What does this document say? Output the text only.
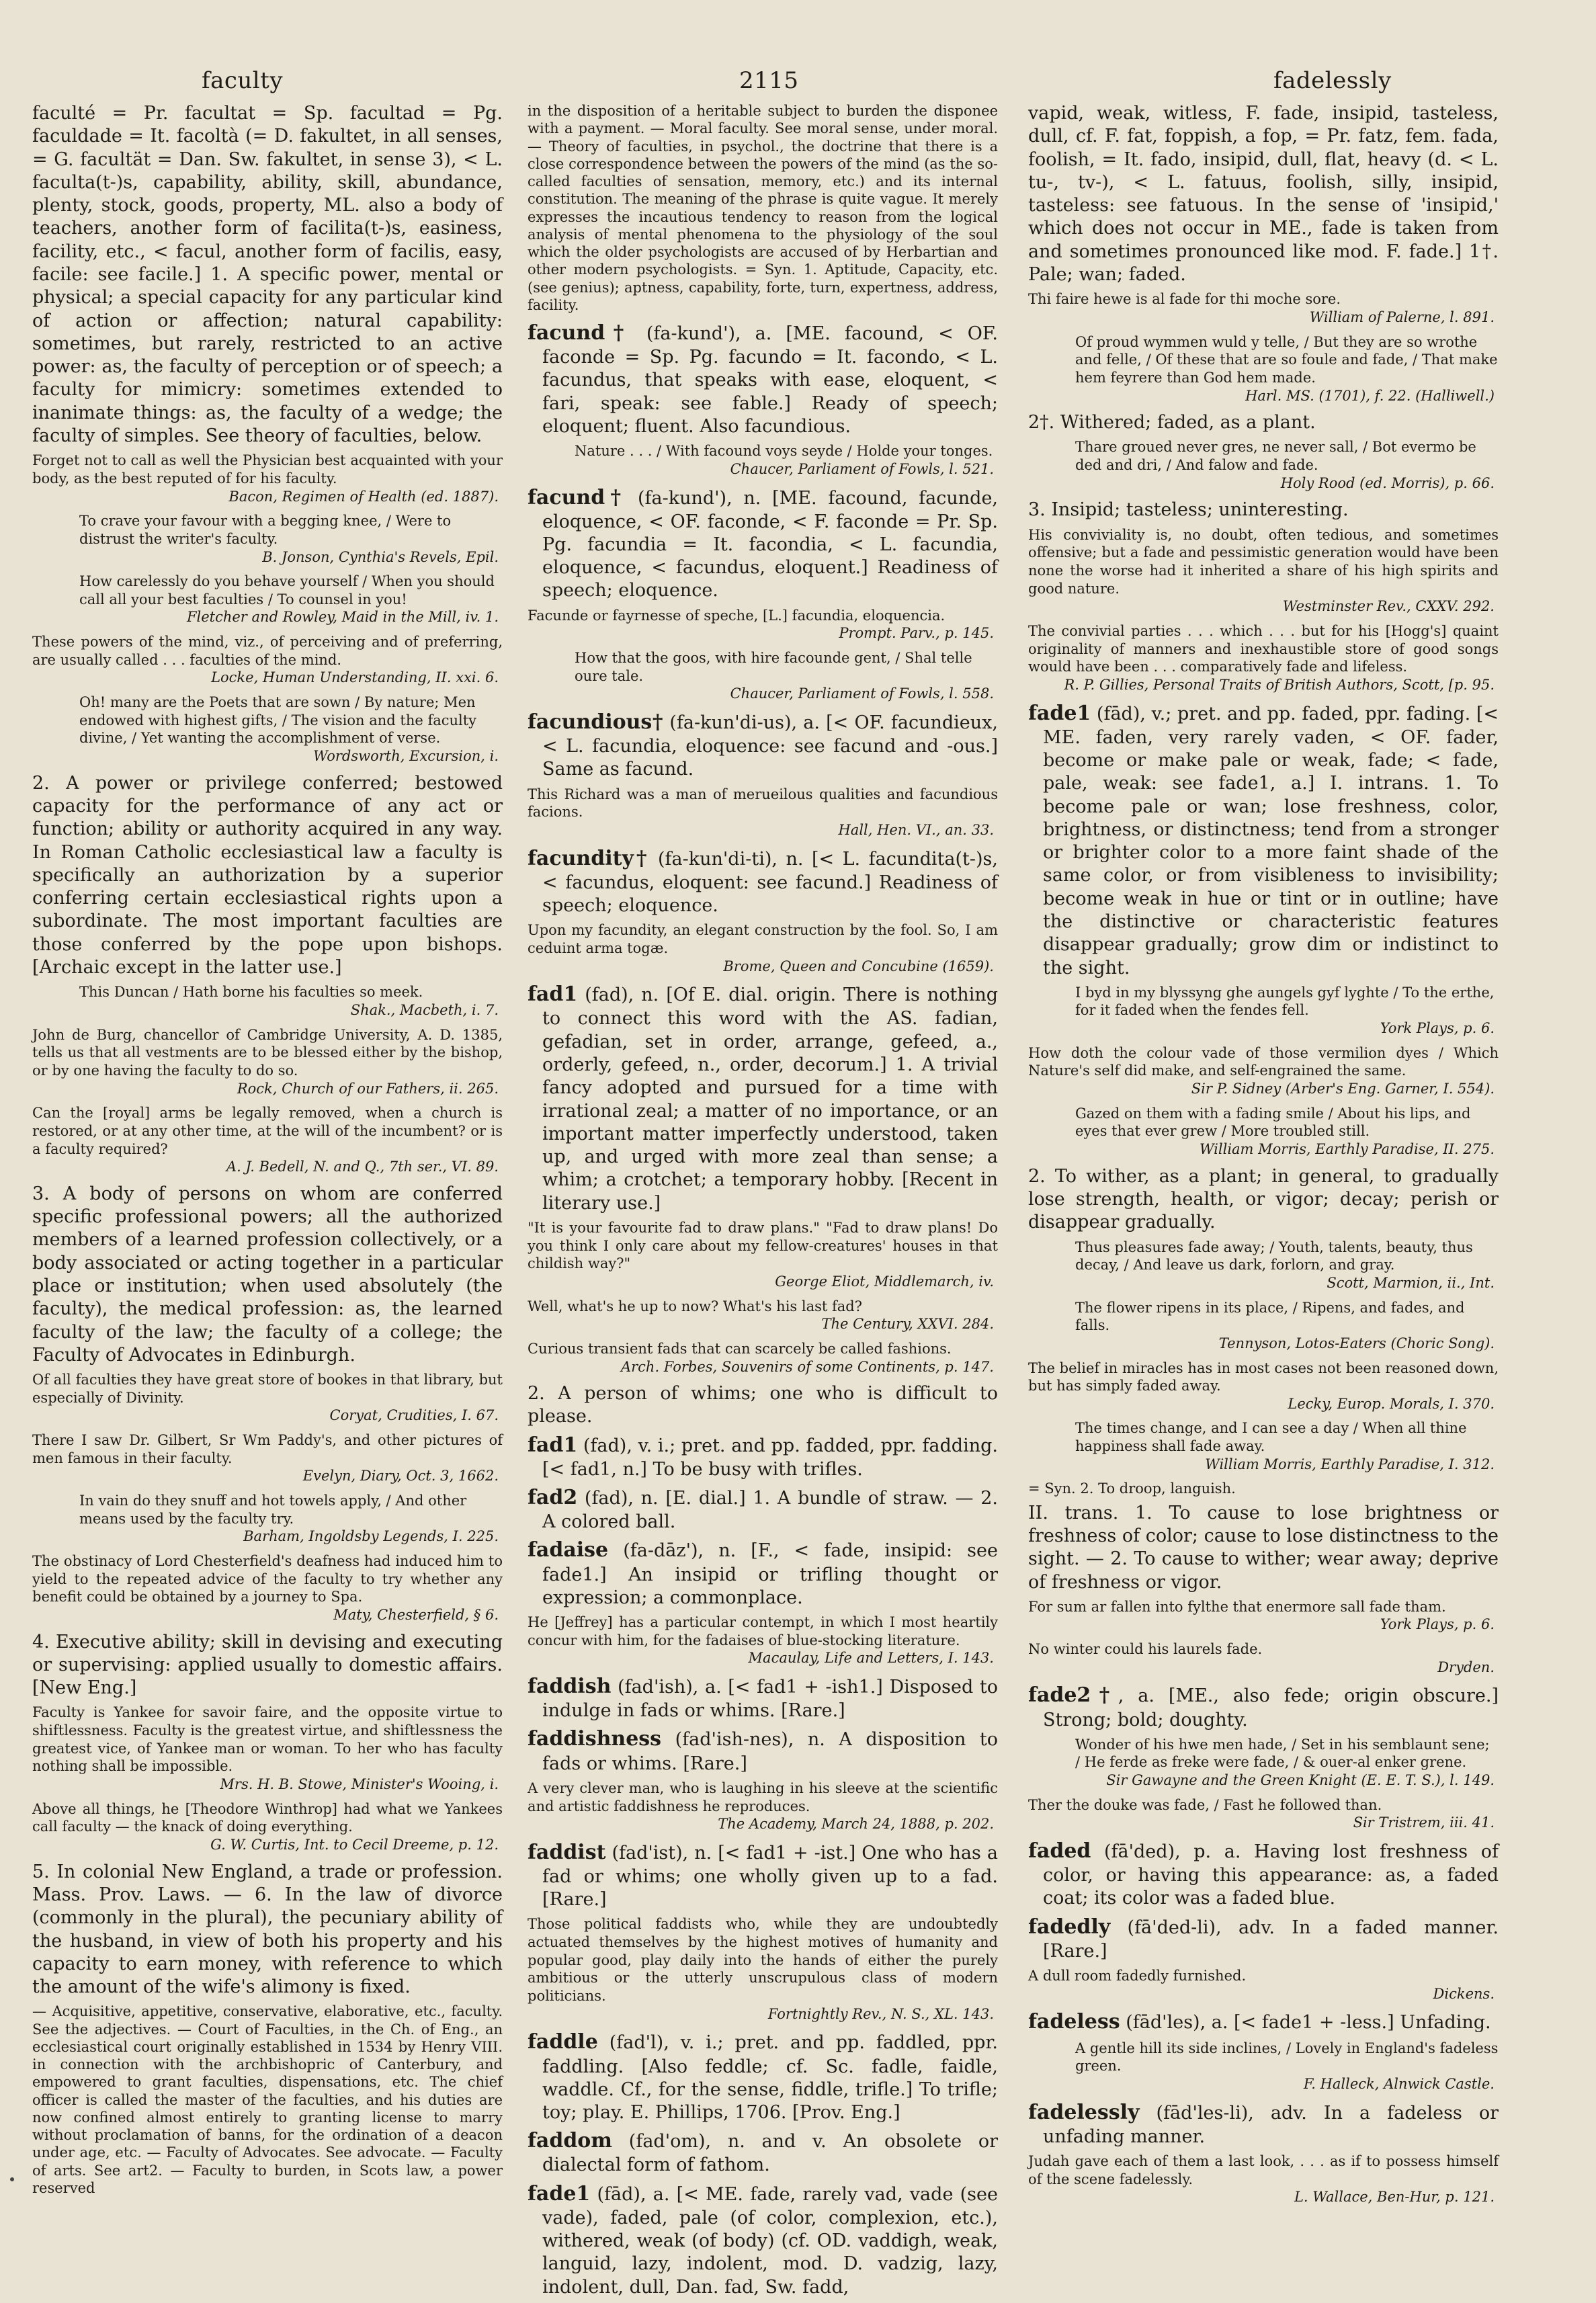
faculty	2115	fadelessly

faculté = Pr. facultat = Sp. facultad = Pg. faculdade = It. facoltà (= D. fakultet, in all senses, = G. facultät = Dan. Sw. fakultet, in sense 3), < L. faculta(t-)s, capability, ability, skill, abundance, plenty, stock, goods, property, ML. also a body of teachers, another form of facilita(t-)s, easiness, facility, etc., < facul, another form of facilis, easy, facile: see facile.] 1. A specific power, mental or physical; a special capacity for any particular kind of action or affection; natural capability: sometimes, but rarely, restricted to an active power: as, the faculty of perception or of speech; a faculty for mimicry: sometimes extended to inanimate things: as, the faculty of a wedge; the faculty of simples. See theory of faculties, below.

Forget not to call as well the Physician best acquainted with your body, as the best reputed of for his faculty.
Bacon, Regimen of Health (ed. 1887).
To crave your favour with a begging knee, / Were to distrust the writer's faculty.
B. Jonson, Cynthia's Revels, Epil.
How carelessly do you behave yourself / When you should call all your best faculties / To counsel in you!
Fletcher and Rowley, Maid in the Mill, iv. 1.
These powers of the mind, viz., of perceiving and of preferring, are usually called . . . faculties of the mind.
Locke, Human Understanding, II. xxi. 6.
Oh! many are the Poets that are sown / By nature; Men endowed with highest gifts, / The vision and the faculty divine, / Yet wanting the accomplishment of verse.
Wordsworth, Excursion, i.

2. A power or privilege conferred; bestowed capacity for the performance of any act or function; ability or authority acquired in any way. In Roman Catholic ecclesiastical law a faculty is specifically an authorization by a superior conferring certain ecclesiastical rights upon a subordinate. The most important faculties are those conferred by the pope upon bishops. [Archaic except in the latter use.]

This Duncan / Hath borne his faculties so meek.
Shak., Macbeth, i. 7.
John de Burg, chancellor of Cambridge University, A. D. 1385, tells us that all vestments are to be blessed either by the bishop, or by one having the faculty to do so.
Rock, Church of our Fathers, ii. 265.
Can the [royal] arms be legally removed, when a church is restored, or at any other time, at the will of the incumbent? or is a faculty required?
A. J. Bedell, N. and Q., 7th ser., VI. 89.

3. A body of persons on whom are conferred specific professional powers; all the authorized members of a learned profession collectively, or a body associated or acting together in a particular place or institution; when used absolutely (the faculty), the medical profession: as, the learned faculty of the law; the faculty of a college; the Faculty of Advocates in Edinburgh.

Of all faculties they have great store of bookes in that library, but especially of Divinity.
Coryat, Crudities, I. 67.
There I saw Dr. Gilbert, Sr Wm Paddy's, and other pictures of men famous in their faculty.
Evelyn, Diary, Oct. 3, 1662.
In vain do they snuff and hot towels apply, / And other means used by the faculty try.
Barham, Ingoldsby Legends, I. 225.
The obstinacy of Lord Chesterfield's deafness had induced him to yield to the repeated advice of the faculty to try whether any benefit could be obtained by a journey to Spa.
Maty, Chesterfield, § 6.

4. Executive ability; skill in devising and executing or supervising: applied usually to domestic affairs. [New Eng.]

Faculty is Yankee for savoir faire, and the opposite virtue to shiftlessness. Faculty is the greatest virtue, and shiftlessness the greatest vice, of Yankee man or woman. To her who has faculty nothing shall be impossible.
Mrs. H. B. Stowe, Minister's Wooing, i.
Above all things, he [Theodore Winthrop] had what we Yankees call faculty — the knack of doing everything.
G. W. Curtis, Int. to Cecil Dreeme, p. 12.

5. In colonial New England, a trade or profession. Mass. Prov. Laws. — 6. In the law of divorce (commonly in the plural), the pecuniary ability of the husband, in view of both his property and his capacity to earn money, with reference to which the amount of the wife's alimony is fixed.

— Acquisitive, appetitive, conservative, elaborative, etc., faculty. See the adjectives. — Court of Faculties, in the Ch. of Eng., an ecclesiastical court originally established in 1534 by Henry VIII. in connection with the archbishopric of Canterbury, and empowered to grant faculties, dispensations, etc. The chief officer is called the master of the faculties, and his duties are now confined almost entirely to granting license to marry without proclamation of banns, for the ordination of a deacon under age, etc. — Faculty of Advocates. See advocate. — Faculty of arts. See art2. — Faculty to burden, in Scots law, a power reserved

in the disposition of a heritable subject to burden the disponee with a payment. — Moral faculty. See moral sense, under moral. — Theory of faculties, in psychol., the doctrine that there is a close correspondence between the powers of the mind (as the so-called faculties of sensation, memory, etc.) and its internal constitution. The meaning of the phrase is quite vague. It merely expresses the incautious tendency to reason from the logical analysis of mental phenomena to the physiology of the soul which the older psychologists are accused of by Herbartian and other modern psychologists. = Syn. 1. Aptitude, Capacity, etc. (see genius); aptness, capability, forte, turn, expertness, address, facility.

facund† (fa-kund'), a. [ME. facound, < OF. faconde = Sp. Pg. facundo = It. facondo, < L. facundus, that speaks with ease, eloquent, < fari, speak: see fable.] Ready of speech; eloquent; fluent. Also facundious.

Nature . . . / With facound voys seyde / Holde your tonges.
Chaucer, Parliament of Fowls, l. 521.

facund† (fa-kund'), n. [ME. facound, facunde, eloquence, < OF. faconde, < F. faconde = Pr. Sp. Pg. facundia = It. facondia, < L. facundia, eloquence, < facundus, eloquent.] Readiness of speech; eloquence.

Facunde or fayrnesse of speche, [L.] facundia, eloquencia.
Prompt. Parv., p. 145.
How that the goos, with hire facounde gent, / Shal telle oure tale.
Chaucer, Parliament of Fowls, l. 558.

facundious† (fa-kun'di-us), a. [< OF. facundieux, < L. facundia, eloquence: see facund and -ous.] Same as facund.

This Richard was a man of merueilous qualities and facundious facions.
Hall, Hen. VI., an. 33.

facundity† (fa-kun'di-ti), n. [< L. facundita(t-)s, < facundus, eloquent: see facund.] Readiness of speech; eloquence.

Upon my facundity, an elegant construction by the fool. So, I am ceduint arma togæ.
Brome, Queen and Concubine (1659).

fad1 (fad), n. [Of E. dial. origin. There is nothing to connect this word with the AS. fadian, gefadian, set in order, arrange, gefeed, a., orderly, gefeed, n., order, decorum.] 1. A trivial fancy adopted and pursued for a time with irrational zeal; a matter of no importance, or an important matter imperfectly understood, taken up, and urged with more zeal than sense; a whim; a crotchet; a temporary hobby. [Recent in literary use.]

"It is your favourite fad to draw plans." "Fad to draw plans! Do you think I only care about my fellow-creatures' houses in that childish way?"
George Eliot, Middlemarch, iv.
Well, what's he up to now? What's his last fad?
The Century, XXVI. 284.
Curious transient fads that can scarcely be called fashions.
Arch. Forbes, Souvenirs of some Continents, p. 147.

2. A person of whims; one who is difficult to please.

fad1 (fad), v. i.; pret. and pp. fadded, ppr. fadding. [< fad1, n.] To be busy with trifles.

fad2 (fad), n. [E. dial.] 1. A bundle of straw. — 2. A colored ball.

fadaise (fa-dāz'), n. [F., < fade, insipid: see fade1.] An insipid or trifling thought or expression; a commonplace.

He [Jeffrey] has a particular contempt, in which I most heartily concur with him, for the fadaises of blue-stocking literature.
Macaulay, Life and Letters, I. 143.

faddish (fad'ish), a. [< fad1 + -ish1.] Disposed to indulge in fads or whims. [Rare.]

faddishness (fad'ish-nes), n. A disposition to fads or whims. [Rare.]

A very clever man, who is laughing in his sleeve at the scientific and artistic faddishness he reproduces.
The Academy, March 24, 1888, p. 202.

faddist (fad'ist), n. [< fad1 + -ist.] One who has a fad or whims; one wholly given up to a fad. [Rare.]

Those political faddists who, while they are undoubtedly actuated themselves by the highest motives of humanity and popular good, play daily into the hands of either the purely ambitious or the utterly unscrupulous class of modern politicians.
Fortnightly Rev., N. S., XL. 143.

faddle (fad'l), v. i.; pret. and pp. faddled, ppr. faddling. [Also feddle; cf. Sc. fadle, faidle, waddle. Cf., for the sense, fiddle, trifle.] To trifle; toy; play. E. Phillips, 1706. [Prov. Eng.]

faddom (fad'om), n. and v. An obsolete or dialectal form of fathom.

fade1 (fād), a. [< ME. fade, rarely vad, vade (see vade), faded, pale (of color, complexion, etc.), withered, weak (of body) (cf. OD. vaddigh, weak, languid, lazy, indolent, mod. D. vadzig, lazy, indolent, dull, Dan. fad, Sw. fadd,

vapid, weak, witless, F. fade, insipid, tasteless, dull, cf. F. fat, foppish, a fop, = Pr. fatz, fem. fada, foolish, = It. fado, insipid, dull, flat, heavy (d. < L. tu-, tv-), < L. fatuus, foolish, silly, insipid, tasteless: see fatuous. In the sense of 'insipid,' which does not occur in ME., fade is taken from and sometimes pronounced like mod. F. fade.] 1†. Pale; wan; faded.

Thi faire hewe is al fade for thi moche sore.
William of Palerne, l. 891.
Of proud wymmen wuld y telle, / But they are so wrothe and felle, / Of these that are so foule and fade, / That make hem feyrere than God hem made.
Harl. MS. (1701), f. 22. (Halliwell.)

2†. Withered; faded, as a plant.

Thare groued never gres, ne never sall, / Bot evermo be ded and dri, / And falow and fade.
Holy Rood (ed. Morris), p. 66.

3. Insipid; tasteless; uninteresting.

His conviviality is, no doubt, often tedious, and sometimes offensive; but a fade and pessimistic generation would have been none the worse had it inherited a share of his high spirits and good nature.
Westminster Rev., CXXV. 292.
The convivial parties . . . which . . . but for his [Hogg's] quaint originality of manners and inexhaustible store of good songs would have been . . . comparatively fade and lifeless.
R. P. Gillies, Personal Traits of British Authors, Scott, [p. 95.

fade1 (fād), v.; pret. and pp. faded, ppr. fading. [< ME. faden, very rarely vaden, < OF. fader, become or make pale or weak, fade; < fade, pale, weak: see fade1, a.] I. intrans. 1. To become pale or wan; lose freshness, color, brightness, or distinctness; tend from a stronger or brighter color to a more faint shade of the same color, or from visibleness to invisibility; become weak in hue or tint or in outline; have the distinctive or characteristic features disappear gradually; grow dim or indistinct to the sight.

I byd in my blyssyng ghe aungels gyf lyghte / To the erthe, for it faded when the fendes fell.
York Plays, p. 6.
How doth the colour vade of those vermilion dyes / Which Nature's self did make, and self-engrained the same.
Sir P. Sidney (Arber's Eng. Garner, I. 554).
Gazed on them with a fading smile / About his lips, and eyes that ever grew / More troubled still.
William Morris, Earthly Paradise, II. 275.

2. To wither, as a plant; in general, to gradually lose strength, health, or vigor; decay; perish or disappear gradually.

Thus pleasures fade away; / Youth, talents, beauty, thus decay, / And leave us dark, forlorn, and gray.
Scott, Marmion, ii., Int.
The flower ripens in its place, / Ripens, and fades, and falls.
Tennyson, Lotos-Eaters (Choric Song).
The belief in miracles has in most cases not been reasoned down, but has simply faded away.
Lecky, Europ. Morals, I. 370.
The times change, and I can see a day / When all thine happiness shall fade away.
William Morris, Earthly Paradise, I. 312.

= Syn. 2. To droop, languish.

II. trans. 1. To cause to lose brightness or freshness of color; cause to lose distinctness to the sight. — 2. To cause to wither; wear away; deprive of freshness or vigor.

For sum ar fallen into fylthe that enermore sall fade tham.
York Plays, p. 6.
No winter could his laurels fade.
Dryden.

fade2†, a. [ME., also fede; origin obscure.] Strong; bold; doughty.

Wonder of his hwe men hade, / Set in his semblaunt sene; / He ferde as freke were fade, / & ouer-al enker grene.
Sir Gawayne and the Green Knight (E. E. T. S.), l. 149.
Ther the douke was fade, / Fast he followed than.
Sir Tristrem, iii. 41.

faded (fā'ded), p. a. Having lost freshness of color, or having this appearance: as, a faded coat; its color was a faded blue.

fadedly (fā'ded-li), adv. In a faded manner. [Rare.]

A dull room fadedly furnished.
Dickens.

fadeless (fād'les), a. [< fade1 + -less.] Unfading.

A gentle hill its side inclines, / Lovely in England's fadeless green.
F. Halleck, Alnwick Castle.

fadelessly (fād'les-li), adv. In a fadeless or unfading manner.

Judah gave each of them a last look, . . . as if to possess himself of the scene fadelessly.
L. Wallace, Ben-Hur, p. 121.
